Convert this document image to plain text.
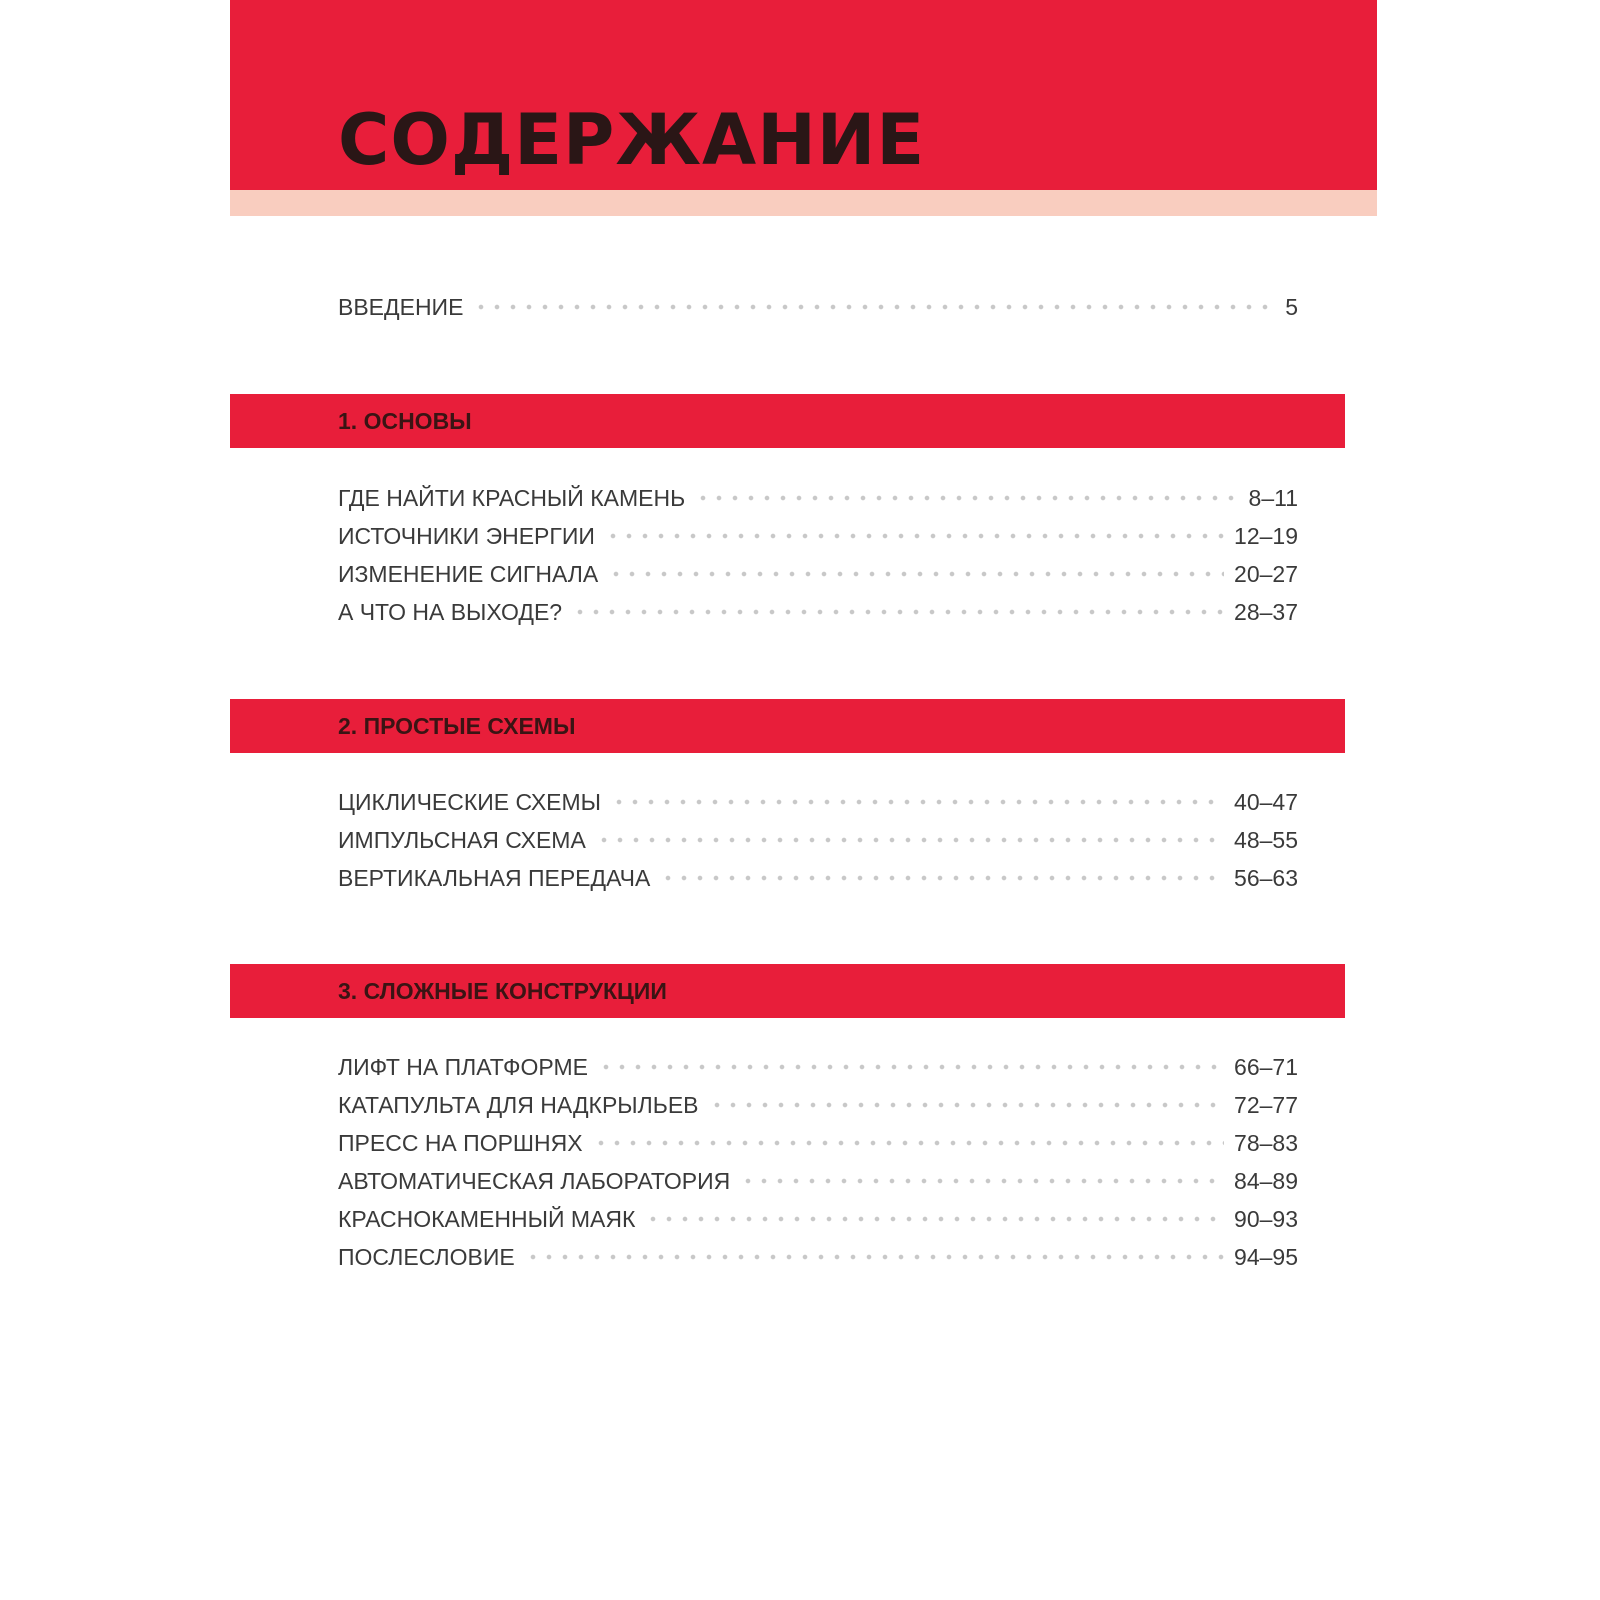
СОДЕРЖАНИЕ
ВВЕДЕНИЕ	5
1. ОСНОВЫ
ГДЕ НАЙТИ КРАСНЫЙ КАМЕНЬ	8–11
ИСТОЧНИКИ ЭНЕРГИИ	12–19
ИЗМЕНЕНИЕ СИГНАЛА	20–27
А ЧТО НА ВЫХОДЕ?	28–37
2. ПРОСТЫЕ СХЕМЫ
ЦИКЛИЧЕСКИЕ СХЕМЫ	40–47
ИМПУЛЬСНАЯ СХЕМА	48–55
ВЕРТИКАЛЬНАЯ ПЕРЕДАЧА	56–63
3. СЛОЖНЫЕ КОНСТРУКЦИИ
ЛИФТ НА ПЛАТФОРМЕ	66–71
КАТАПУЛЬТА ДЛЯ НАДКРЫЛЬЕВ	72–77
ПРЕСС НА ПОРШНЯХ	78–83
АВТОМАТИЧЕСКАЯ ЛАБОРАТОРИЯ	84–89
КРАСНОКАМЕННЫЙ МАЯК	90–93
ПОСЛЕСЛОВИЕ	94–95
